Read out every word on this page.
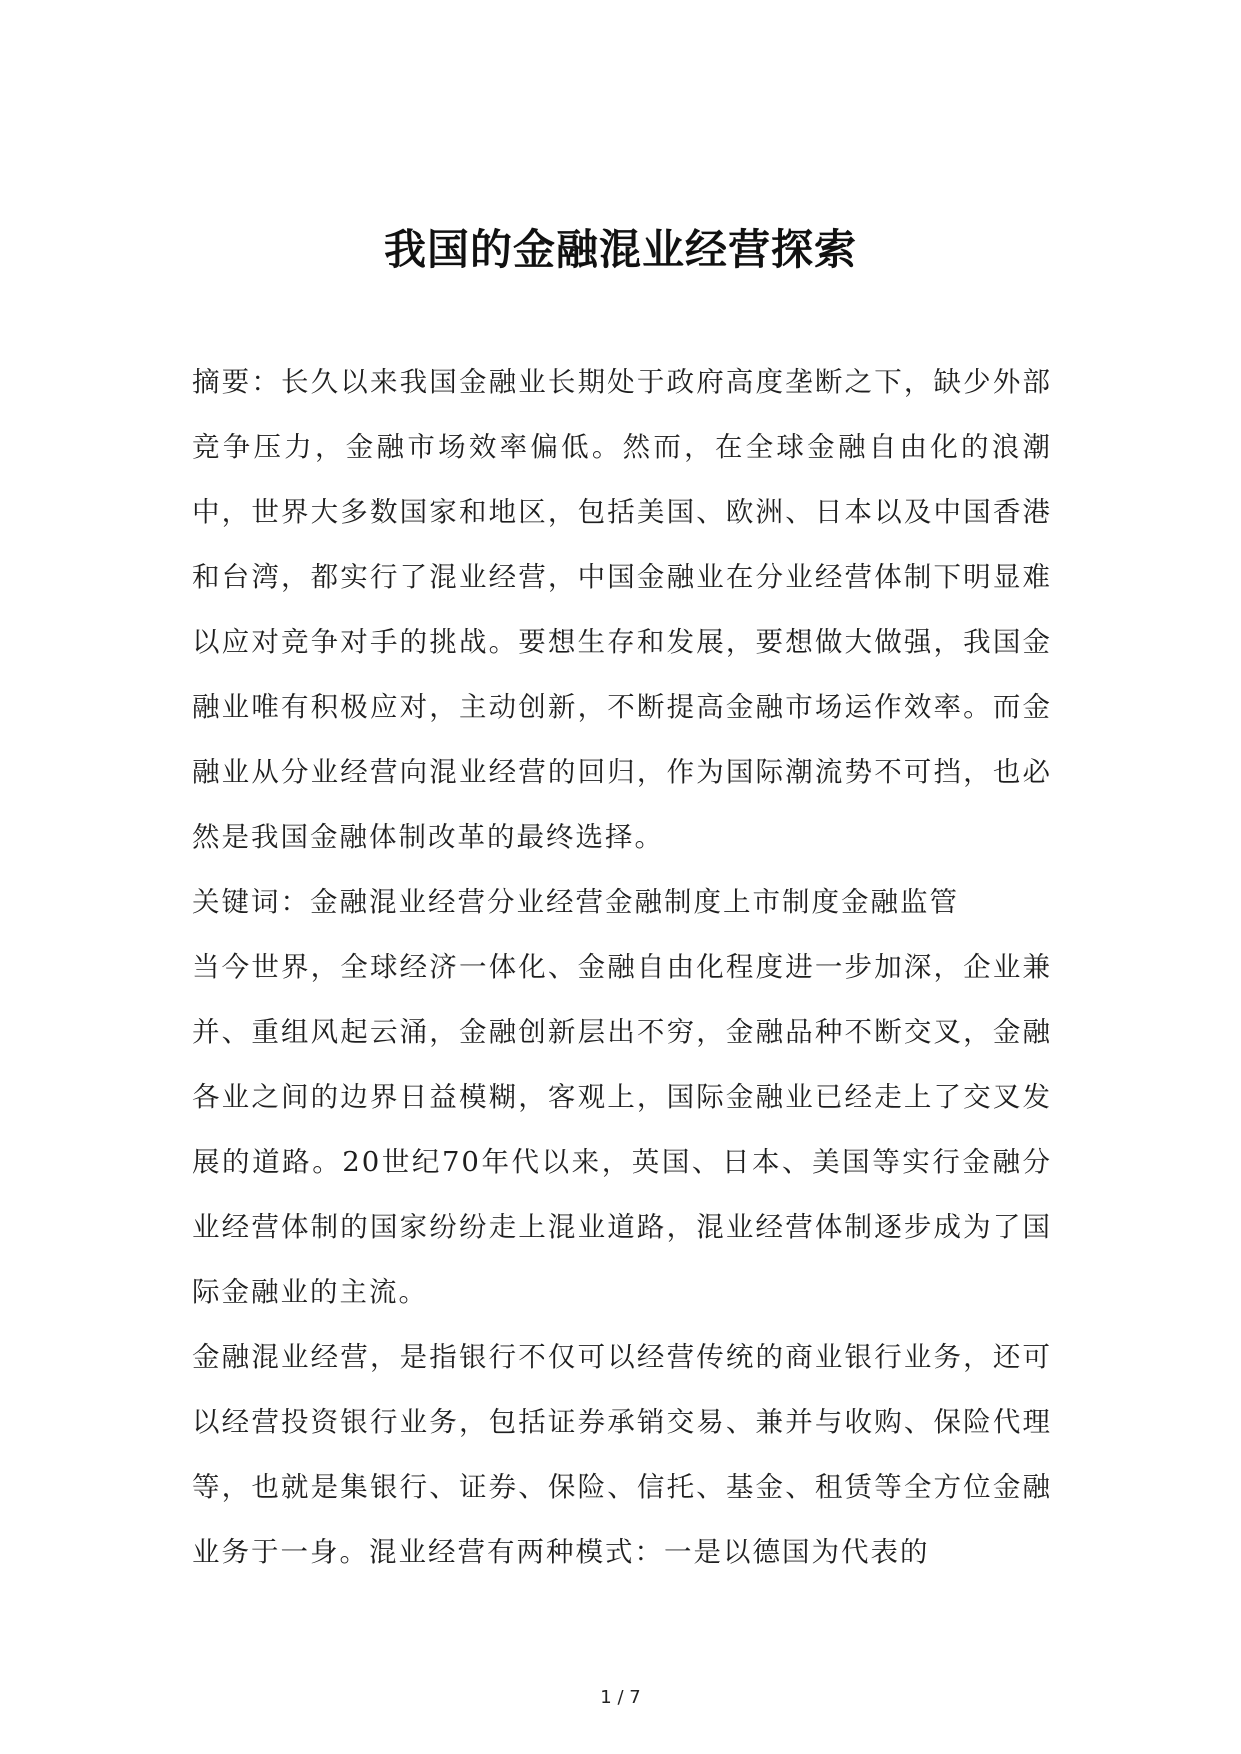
我国的金融混业经营探索

摘要：长久以来我国金融业长期处于政府高度垄断之下，缺少外部竞争压力，金融市场效率偏低。然而，在全球金融自由化的浪潮中，世界大多数国家和地区，包括美国、欧洲、日本以及中国香港和台湾，都实行了混业经营，中国金融业在分业经营体制下明显难以应对竞争对手的挑战。要想生存和发展，要想做大做强，我国金融业唯有积极应对，主动创新，不断提高金融市场运作效率。而金融业从分业经营向混业经营的回归，作为国际潮流势不可挡，也必然是我国金融体制改革的最终选择。

关键词：金融混业经营分业经营金融制度上市制度金融监管

当今世界，全球经济一体化、金融自由化程度进一步加深，企业兼并、重组风起云涌，金融创新层出不穷，金融品种不断交叉，金融各业之间的边界日益模糊，客观上，国际金融业已经走上了交叉发展的道路。20世纪70年代以来，英国、日本、美国等实行金融分业经营体制的国家纷纷走上混业道路，混业经营体制逐步成为了国际金融业的主流。

金融混业经营，是指银行不仅可以经营传统的商业银行业务，还可以经营投资银行业务，包括证券承销交易、兼并与收购、保险代理等，也就是集银行、证券、保险、信托、基金、租赁等全方位金融业务于一身。混业经营有两种模式：一是以德国为代表的

1 / 7
